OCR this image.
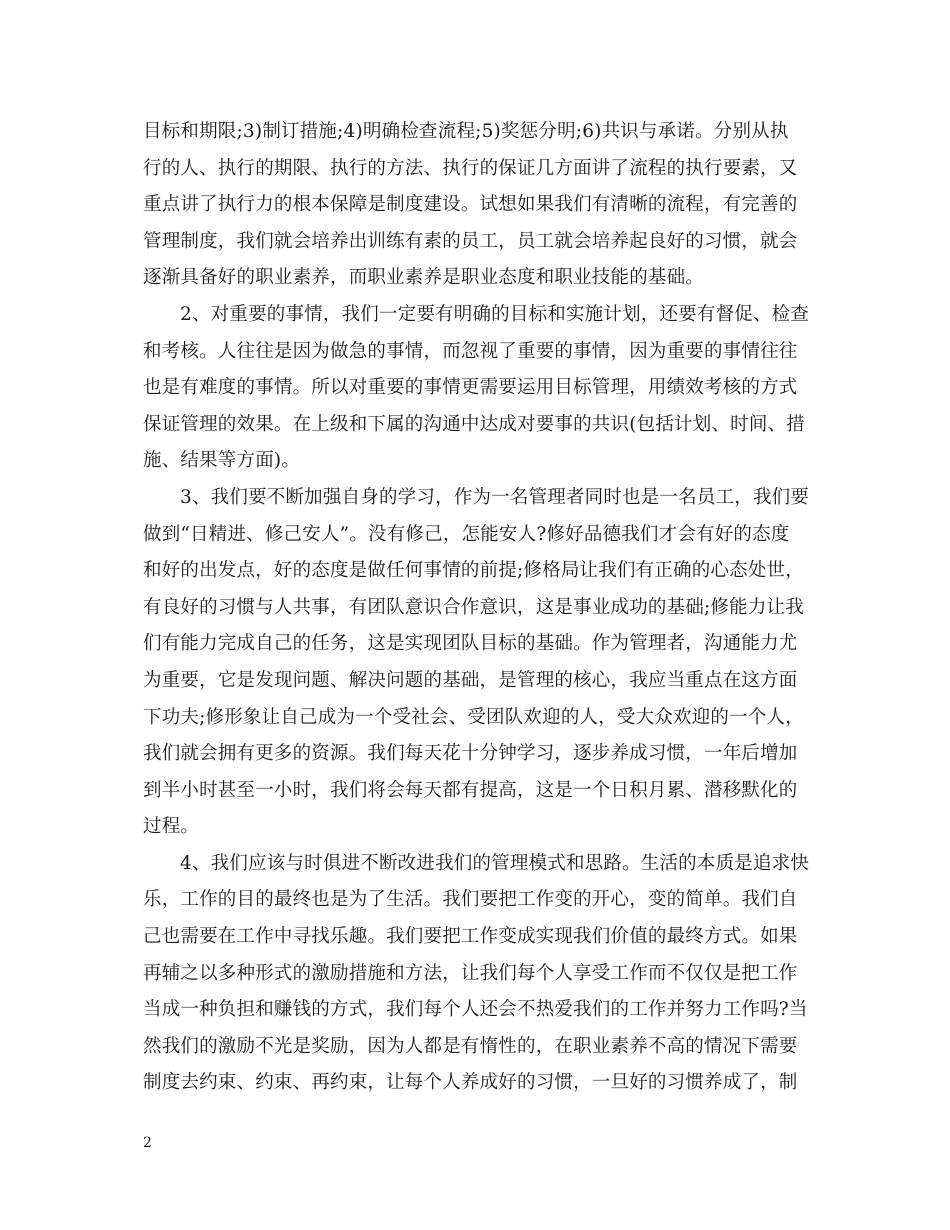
目标和期限;3)制订措施;4)明确检查流程;5)奖惩分明;6)共识与承诺。分别从执
行的人、执行的期限、执行的方法、执行的保证几方面讲了流程的执行要素，又
重点讲了执行力的根本保障是制度建设。试想如果我们有清晰的流程，有完善的
管理制度，我们就会培养出训练有素的员工，员工就会培养起良好的习惯，就会
逐渐具备好的职业素养，而职业素养是职业态度和职业技能的基础。
2、对重要的事情，我们一定要有明确的目标和实施计划，还要有督促、检查
和考核。人往往是因为做急的事情，而忽视了重要的事情，因为重要的事情往往
也是有难度的事情。所以对重要的事情更需要运用目标管理，用绩效考核的方式
保证管理的效果。在上级和下属的沟通中达成对要事的共识(包括计划、时间、措
施、结果等方面)。
3、我们要不断加强自身的学习，作为一名管理者同时也是一名员工，我们要
做到“日精进、修己安人”。没有修己，怎能安人?修好品德我们才会有好的态度
和好的出发点，好的态度是做任何事情的前提;修格局让我们有正确的心态处世，
有良好的习惯与人共事，有团队意识合作意识，这是事业成功的基础;修能力让我
们有能力完成自己的任务，这是实现团队目标的基础。作为管理者，沟通能力尤
为重要，它是发现问题、解决问题的基础，是管理的核心，我应当重点在这方面
下功夫;修形象让自己成为一个受社会、受团队欢迎的人，受大众欢迎的一个人，
我们就会拥有更多的资源。我们每天花十分钟学习，逐步养成习惯，一年后增加
到半小时甚至一小时，我们将会每天都有提高，这是一个日积月累、潜移默化的
过程。
4、我们应该与时俱进不断改进我们的管理模式和思路。生活的本质是追求快
乐，工作的目的最终也是为了生活。我们要把工作变的开心，变的简单。我们自
己也需要在工作中寻找乐趣。我们要把工作变成实现我们价值的最终方式。如果
再辅之以多种形式的激励措施和方法，让我们每个人享受工作而不仅仅是把工作
当成一种负担和赚钱的方式，我们每个人还会不热爱我们的工作并努力工作吗?当
然我们的激励不光是奖励，因为人都是有惰性的，在职业素养不高的情况下需要
制度去约束、约束、再约束，让每个人养成好的习惯，一旦好的习惯养成了，制
2
